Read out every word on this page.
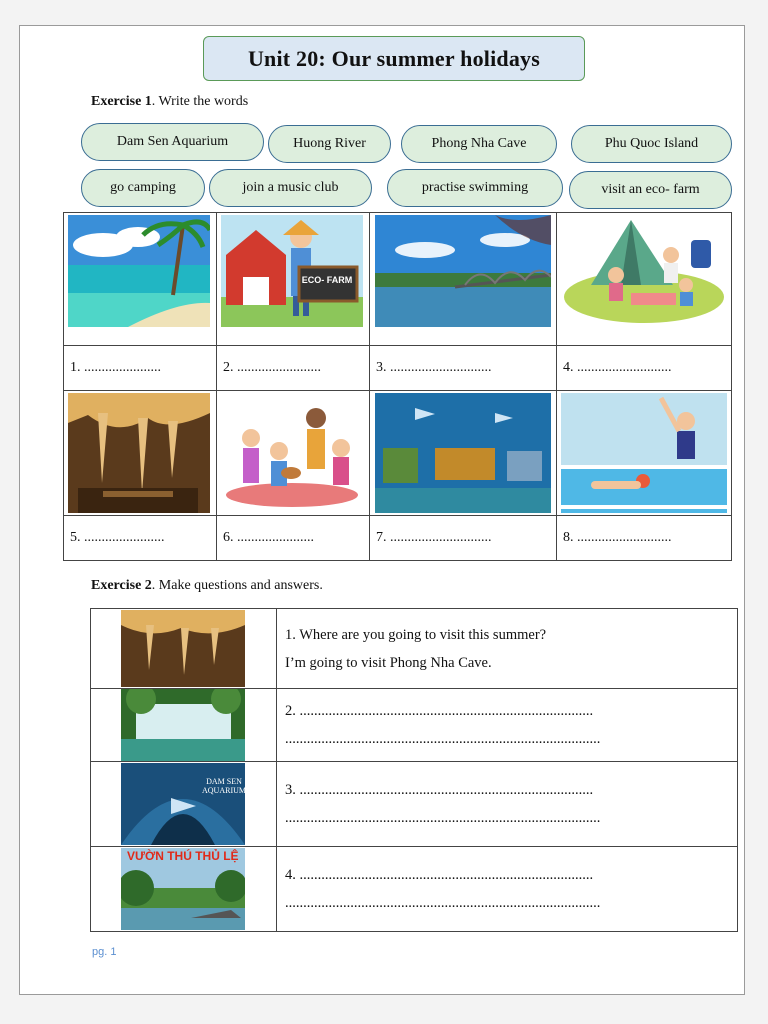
Unit 20: Our summer holidays
Exercise 1. Write the words
Dam Sen Aquarium	Huong River	Phong Nha Cave	Phu Quoc Island
go camping	join a music club	practise swimming	visit an eco- farm

ECO- FARM

1. ......................	2. ........................	3. .............................	4. ...........................

5. .......................	6. ......................	7. .............................	8. ...........................
Exercise 2. Make questions and answers.

1. Where are you going to visit this summer?
I’m going to visit Phong Nha Cave.

2. .................................................................................
.......................................................................................

DAM SEN AQUARIUM	3. .................................................................................
.......................................................................................

VƯỜN THÚ THỦ LỆ	4. .................................................................................
.......................................................................................
pg. 1
